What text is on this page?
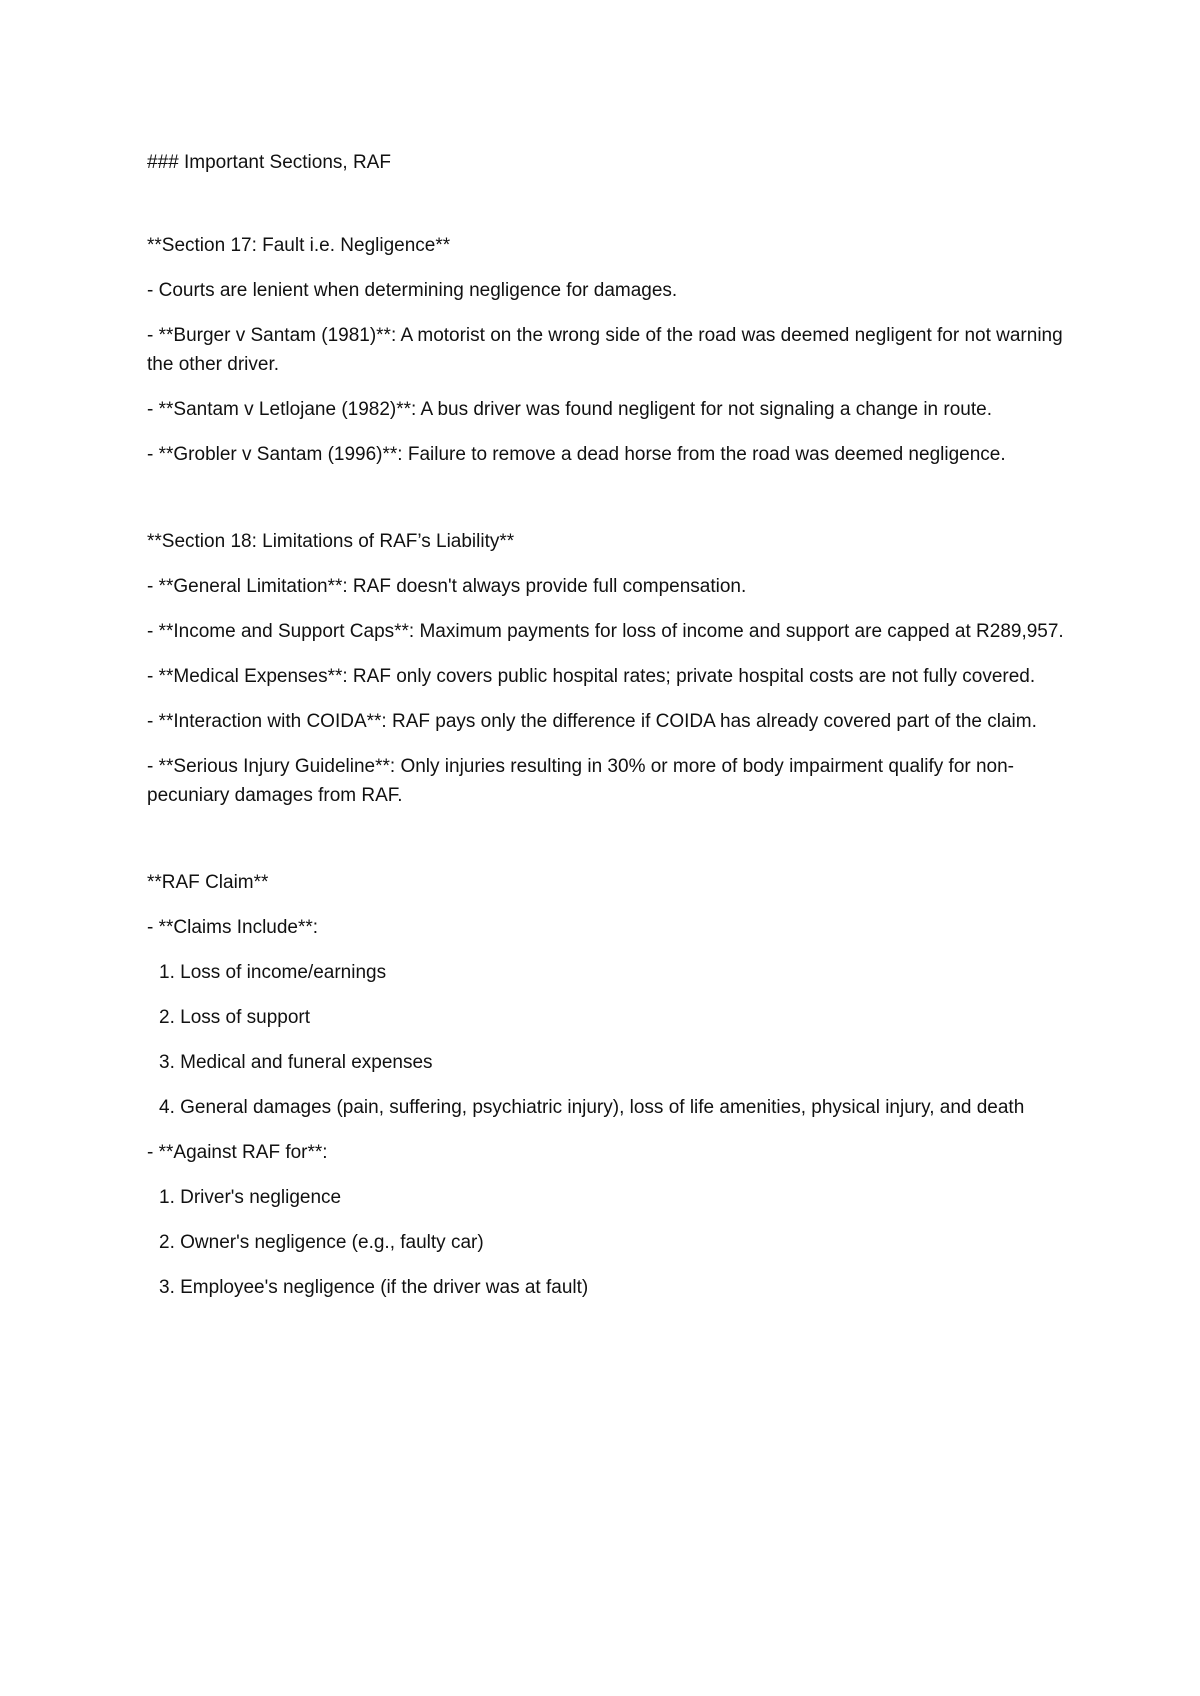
### Important Sections, RAF
**Section 17: Fault i.e. Negligence**
- Courts are lenient when determining negligence for damages.
- **Burger v Santam (1981)**: A motorist on the wrong side of the road was deemed negligent for not warning the other driver.
- **Santam v Letlojane (1982)**: A bus driver was found negligent for not signaling a change in route.
- **Grobler v Santam (1996)**: Failure to remove a dead horse from the road was deemed negligence.
**Section 18: Limitations of RAF’s Liability**
- **General Limitation**: RAF doesn't always provide full compensation.
- **Income and Support Caps**: Maximum payments for loss of income and support are capped at R289,957.
- **Medical Expenses**: RAF only covers public hospital rates; private hospital costs are not fully covered.
- **Interaction with COIDA**: RAF pays only the difference if COIDA has already covered part of the claim.
- **Serious Injury Guideline**: Only injuries resulting in 30% or more of body impairment qualify for non-pecuniary damages from RAF.
**RAF Claim**
- **Claims Include**:
1. Loss of income/earnings
2. Loss of support
3. Medical and funeral expenses
4. General damages (pain, suffering, psychiatric injury), loss of life amenities, physical injury, and death
- **Against RAF for**:
1. Driver's negligence
2. Owner's negligence (e.g., faulty car)
3. Employee's negligence (if the driver was at fault)
